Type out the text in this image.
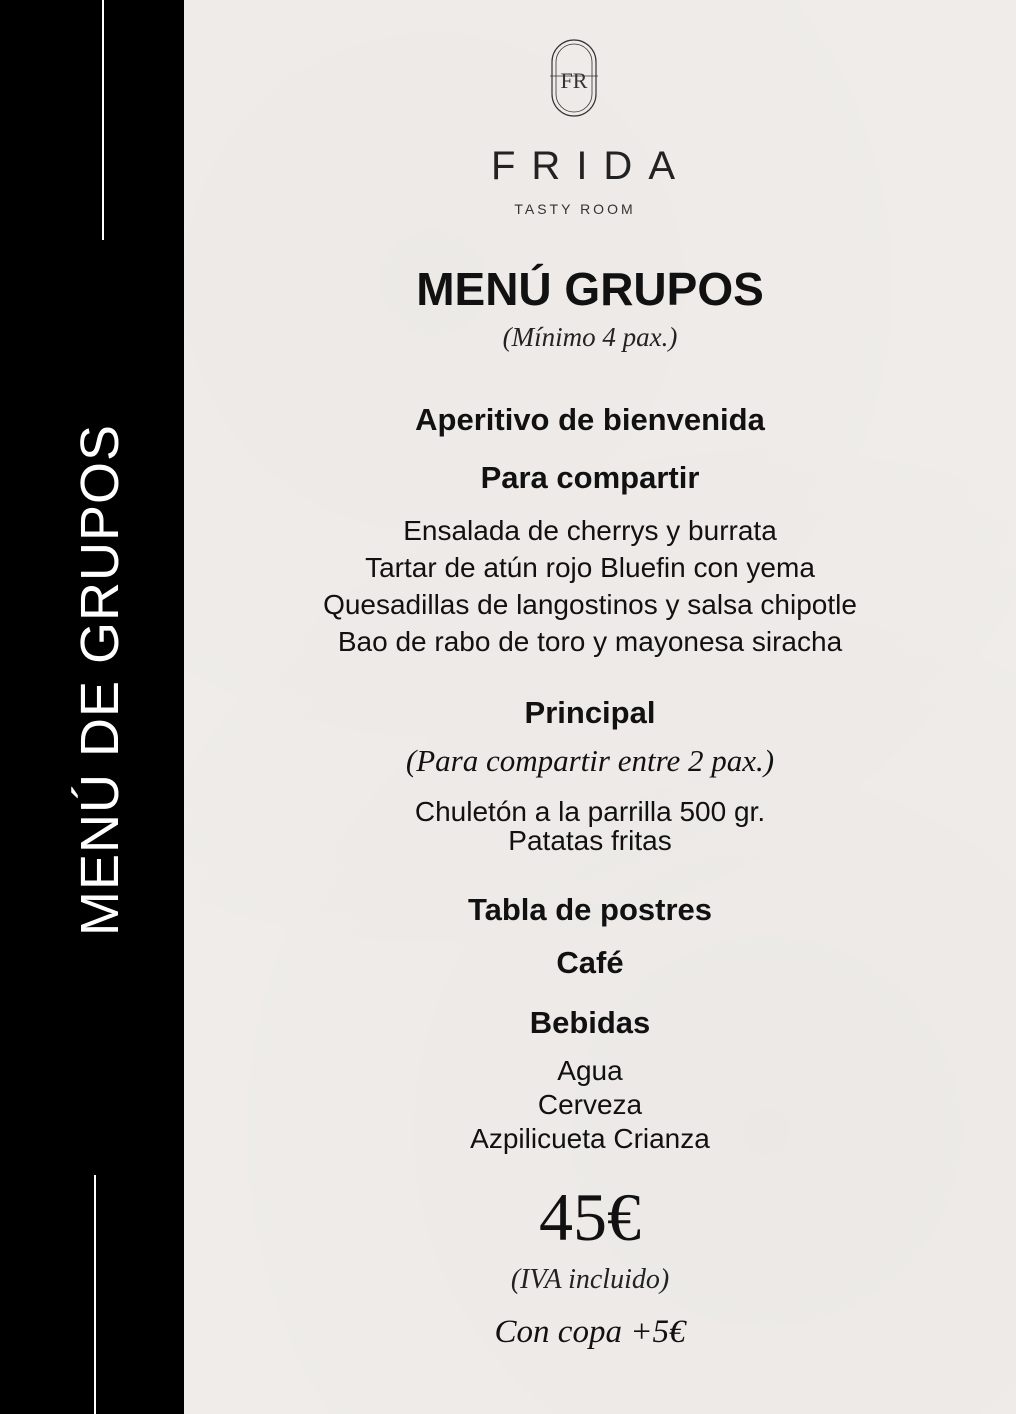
MENÚ DE GRUPOS
FR
FRIDA
TASTY ROOM
MENÚ GRUPOS
(Mínimo 4 pax.)
Aperitivo de bienvenida
Para compartir
Ensalada de cherrys y burrata
Tartar de atún rojo Bluefin con yema
Quesadillas de langostinos y salsa chipotle
Bao de rabo de toro y mayonesa siracha
Principal
(Para compartir entre 2 pax.)
Chuletón a la parrilla 500 gr.
Patatas fritas
Tabla de postres
Café
Bebidas
Agua
Cerveza
Azpilicueta Crianza
45€
(IVA incluido)
Con copa +5€
